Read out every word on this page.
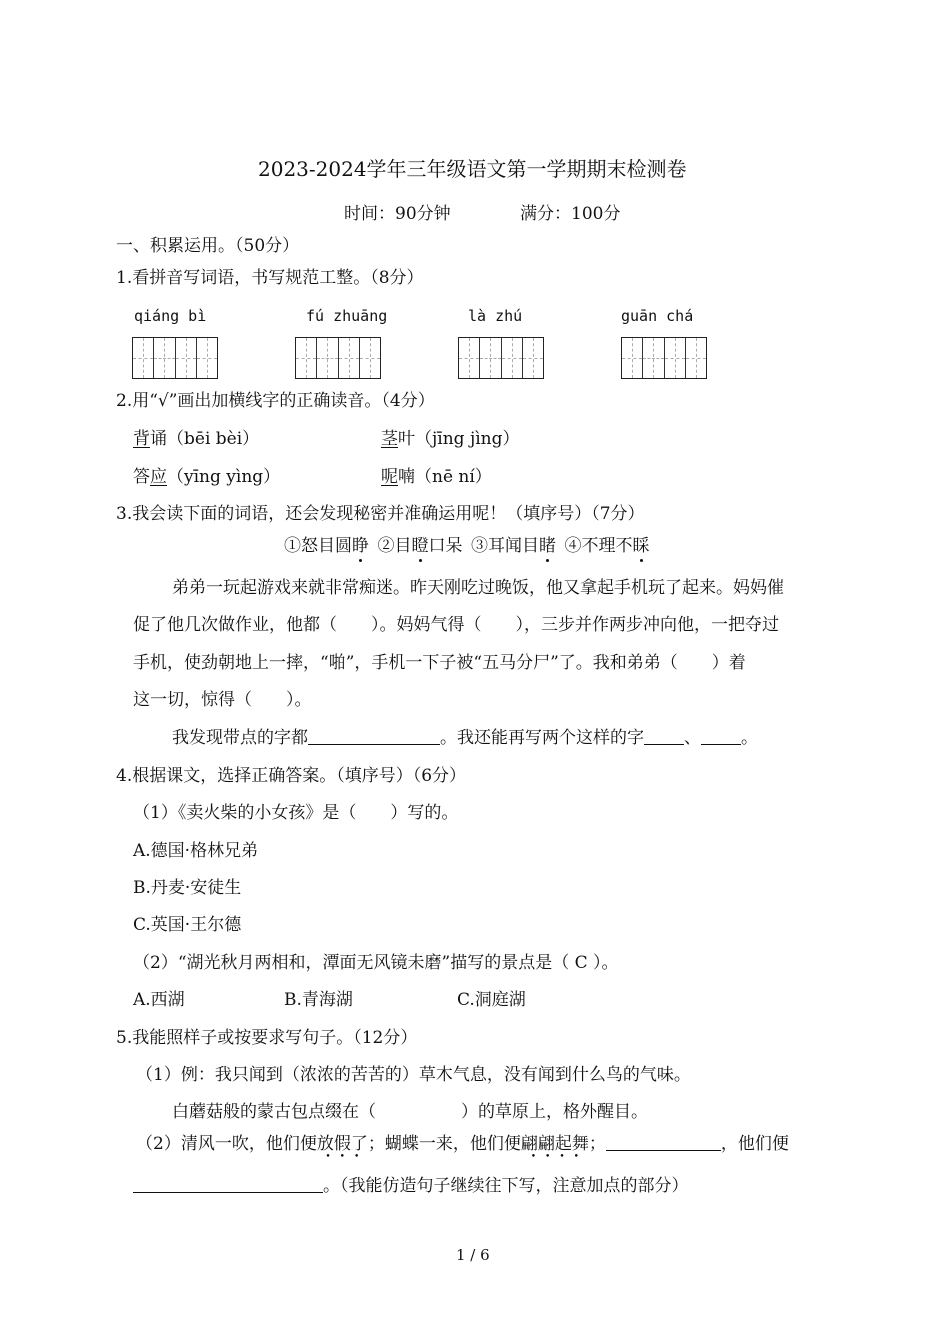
2023-2024学年三年级语文第一学期期末检测卷
时间：90分钟	满分：100分
一、积累运用。（50分）
1.看拼音写词语，书写规范工整。（8分）
qiáng bì	fú zhuāng	là zhú	guān chá
2.用“√”画出加横线字的正确读音。（4分）
背诵（bēi bèi）	茎叶（jīng jìng）
答应（yīng yìng）	呢喃（nē ní）
3.我会读下面的词语，还会发现秘密并准确运用呢！（填序号）（7分）
①怒目圆睁  ②目瞪口呆  ③耳闻目睹  ④不理不睬
弟弟一玩起游戏来就非常痴迷。昨天刚吃过晚饭，他又拿起手机玩了起来。妈妈催
促了他几次做作业，他都（　　）。妈妈气得（　　），三步并作两步冲向他，一把夺过
手机，使劲朝地上一摔，“啪”，手机一下子被“五马分尸”了。我和弟弟（　　）着
这一切，惊得（　　）。
我发现带点的字都	。我还能再写两个这样的字 、 。
4.根据课文，选择正确答案。（填序号）（6分）
（1）《卖火柴的小女孩》是（　　）写的。
A.德国·格林兄弟
B.丹麦·安徒生
C.英国·王尔德
（2）“湖光秋月两相和，潭面无风镜未磨”描写的景点是（ C ）。
A.西湖	B.青海湖	C.洞庭湖
5.我能照样子或按要求写句子。（12分）
（1）例：我只闻到（浓浓的苦苦的）草木气息，没有闻到什么鸟的气味。
白蘑菇般的蒙古包点缀在（　　　　　）的草原上，格外醒目。
（2）清风一吹，他们便放假了
• • •
；蝴蝶一来，他们便翩翩起舞
• • • •
；	，他们便
。（我能仿造句子继续往下写，注意加点的部分）
1 / 6
